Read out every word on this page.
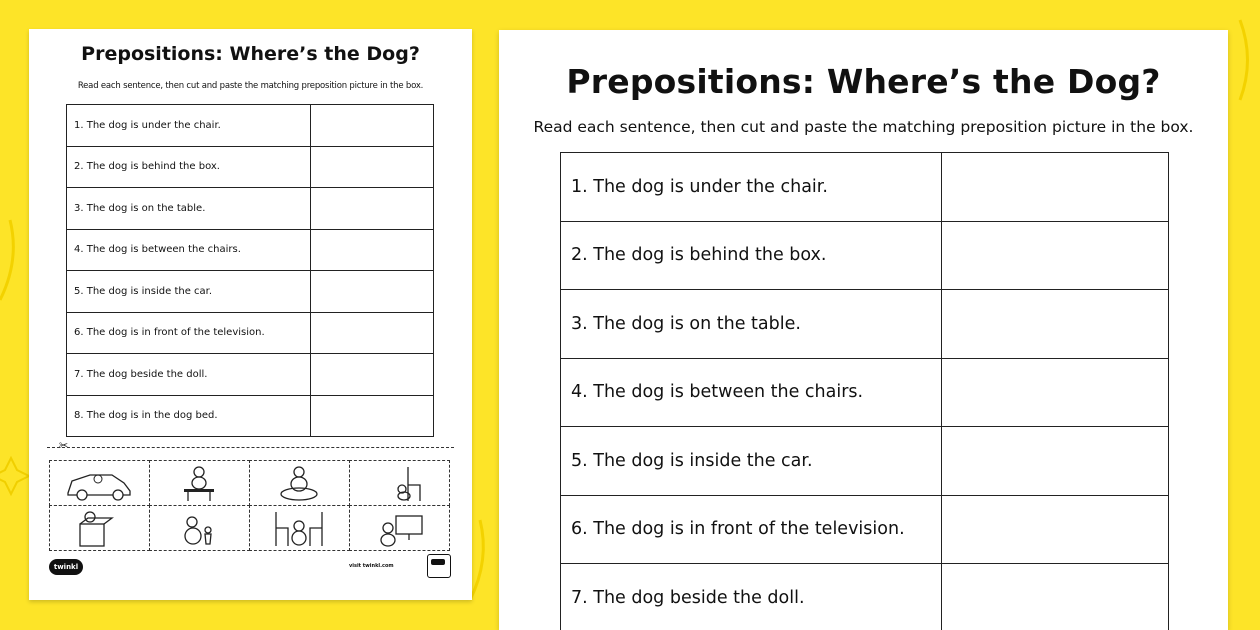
Prepositions: Where’s the Dog?
Read each sentence, then cut and paste the matching preposition picture in the box.
1. The dog is under the chair.	
2. The dog is behind the box.	
3. The dog is on the table.	
4. The dog is between the chairs.	
5. The dog is inside the car.	
6. The dog is in front of the television.	
7. The dog beside the doll.	
8. The dog is in the dog bed.	
✂
twinkl	visit twinkl.com
Prepositions: Where’s the Dog?
Read each sentence, then cut and paste the matching preposition picture in the box.
1. The dog is under the chair.	
2. The dog is behind the box.	
3. The dog is on the table.	
4. The dog is between the chairs.	
5. The dog is inside the car.	
6. The dog is in front of the television.	
7. The dog beside the doll.	
